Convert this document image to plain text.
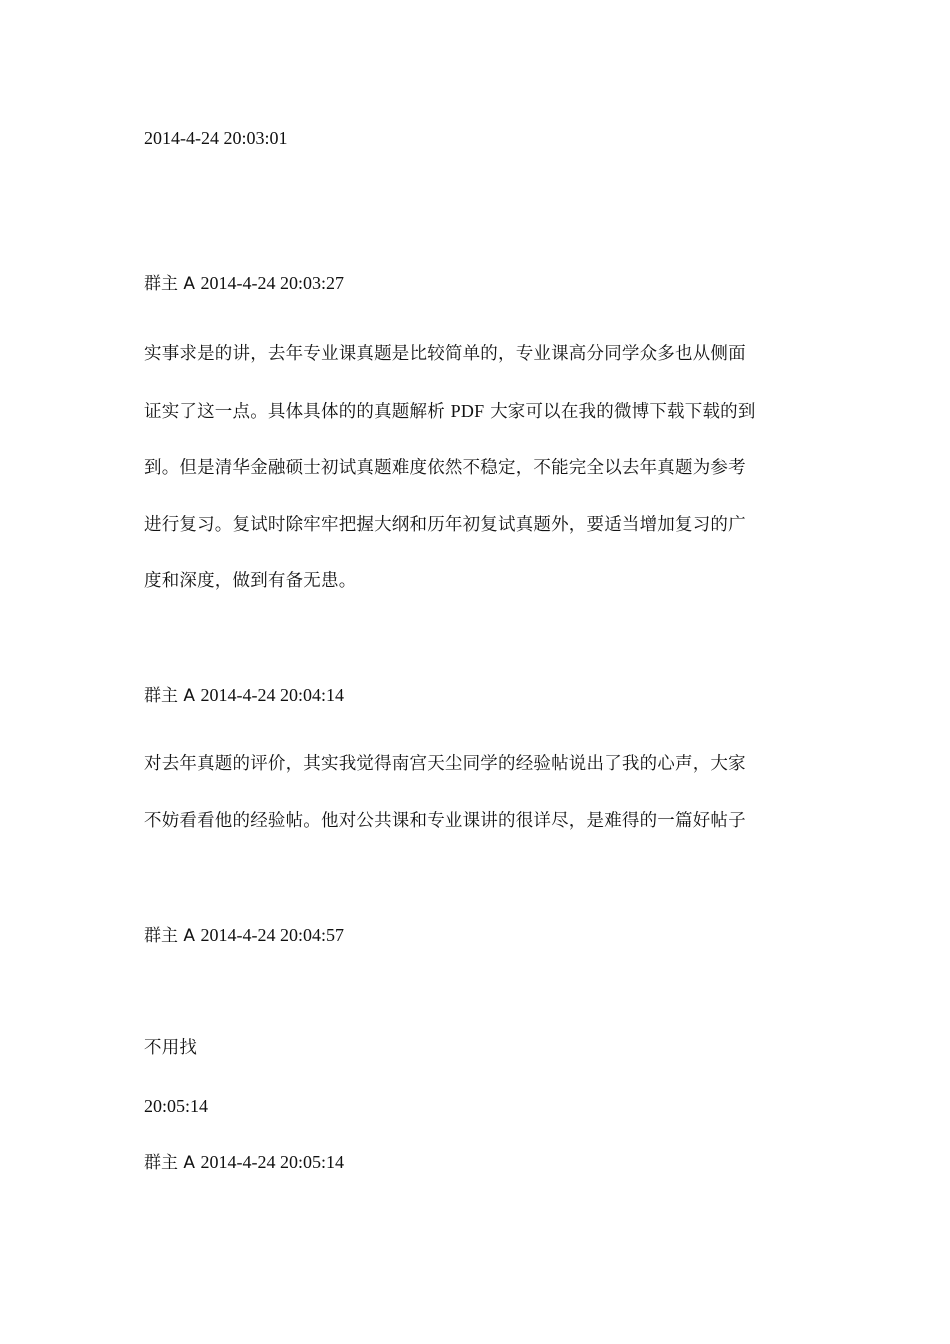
2014-4-24 20:03:01

群主 A 2014-4-24 20:03:27

实事求是的讲，去年专业课真题是比较简单的，专业课高分同学众多也从侧面

证实了这一点。具体具体的的真题解析 PDF 大家可以在我的微博下载下载的到

到。但是清华金融硕士初试真题难度依然不稳定，不能完全以去年真题为参考

进行复习。复试时除牢牢把握大纲和历年初复试真题外，要适当增加复习的广

度和深度，做到有备无患。

群主 A 2014-4-24 20:04:14

对去年真题的评价，其实我觉得南宫天尘同学的经验帖说出了我的心声，大家

不妨看看他的经验帖。他对公共课和专业课讲的很详尽，是难得的一篇好帖子

群主 A 2014-4-24 20:04:57

不用找

20:05:14

群主 A 2014-4-24 20:05:14
